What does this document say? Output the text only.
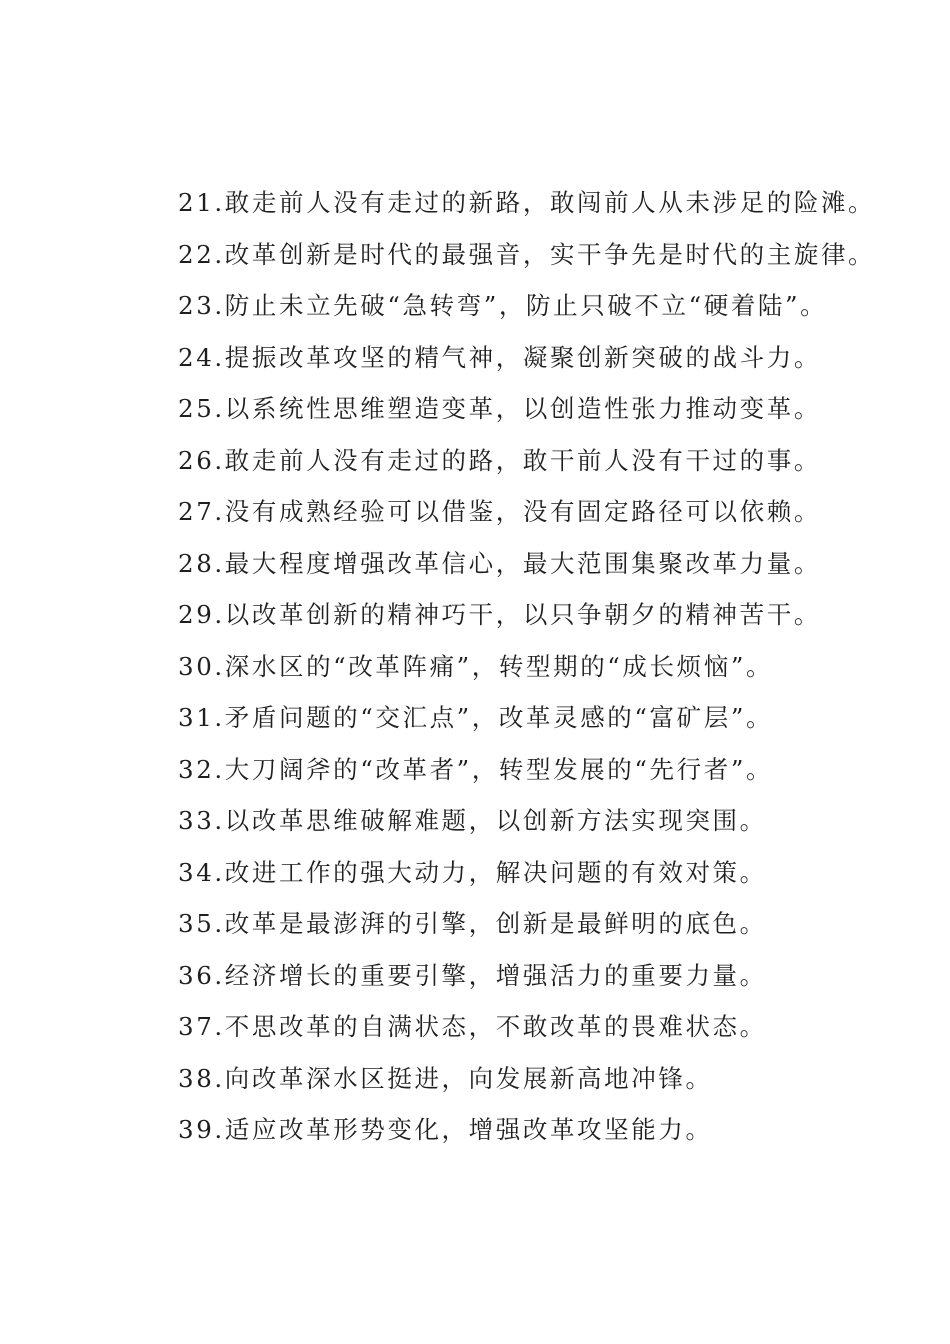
21.敢走前人没有走过的新路，敢闯前人从未涉足的险滩。
22.改革创新是时代的最强音，实干争先是时代的主旋律。
23.防止未立先破“急转弯”，防止只破不立“硬着陆”。
24.提振改革攻坚的精气神，凝聚创新突破的战斗力。
25.以系统性思维塑造变革，以创造性张力推动变革。
26.敢走前人没有走过的路，敢干前人没有干过的事。
27.没有成熟经验可以借鉴，没有固定路径可以依赖。
28.最大程度增强改革信心，最大范围集聚改革力量。
29.以改革创新的精神巧干，以只争朝夕的精神苦干。
30.深水区的“改革阵痛”，转型期的“成长烦恼”。
31.矛盾问题的“交汇点”，改革灵感的“富矿层”。
32.大刀阔斧的“改革者”，转型发展的“先行者”。
33.以改革思维破解难题，以创新方法实现突围。
34.改进工作的强大动力，解决问题的有效对策。
35.改革是最澎湃的引擎，创新是最鲜明的底色。
36.经济增长的重要引擎，增强活力的重要力量。
37.不思改革的自满状态，不敢改革的畏难状态。
38.向改革深水区挺进，向发展新高地冲锋。
39.适应改革形势变化，增强改革攻坚能力。
